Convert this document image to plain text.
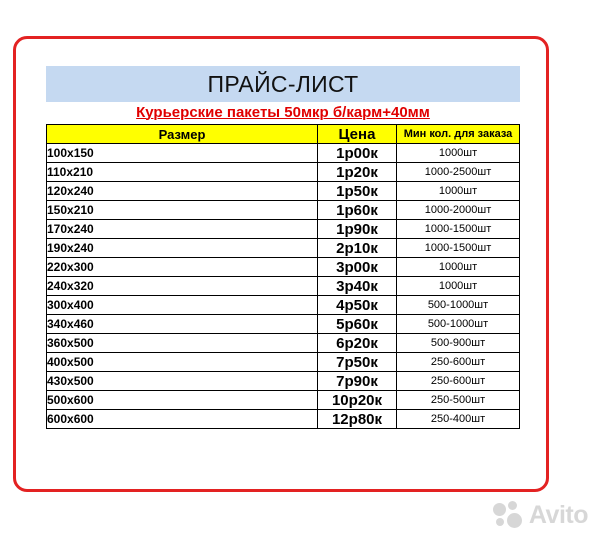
ПРАЙС-ЛИСТ
Курьерские пакеты 50мкр б/карм+40мм
Размер	Цена	Мин кол. для заказа
100x150	1р00к	1000шт
110x210	1р20к	1000-2500шт
120x240	1р50к	1000шт
150x210	1р60к	1000-2000шт
170x240	1р90к	1000-1500шт
190x240	2р10к	1000-1500шт
220x300	3р00к	1000шт
240x320	3р40к	1000шт
300x400	4р50к	500-1000шт
340x460	5р60к	500-1000шт
360x500	6р20к	500-900шт
400x500	7р50к	250-600шт
430x500	7р90к	250-600шт
500x600	10р20к	250-500шт
600x600	12р80к	250-400шт
Avito
